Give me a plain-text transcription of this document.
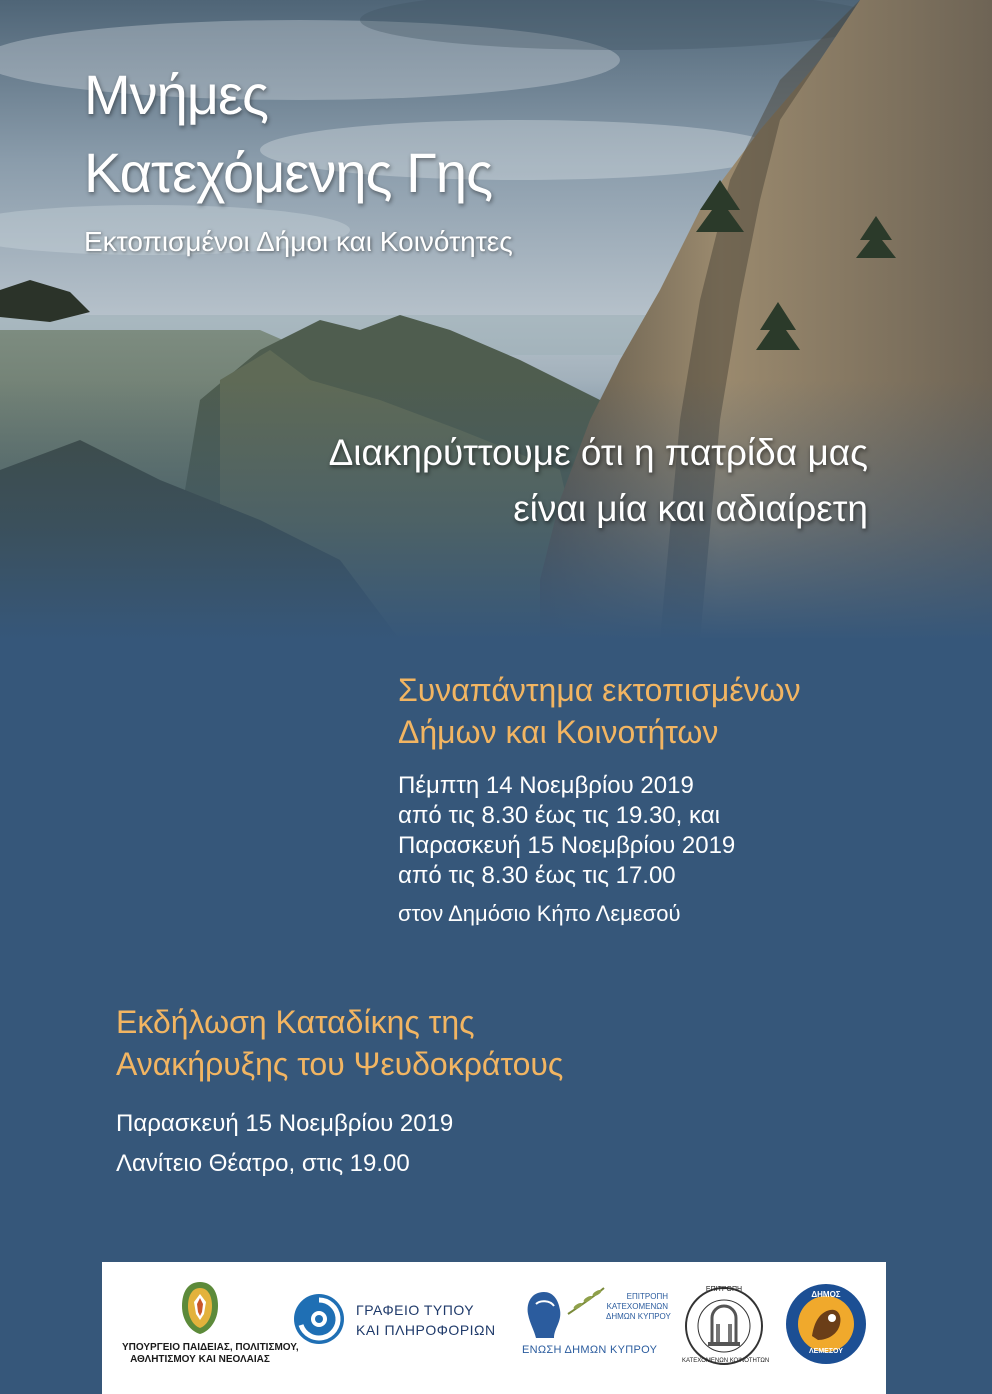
Μνήμες
Κατεχόμενης Γης
Εκτοπισμένοι Δήμοι και Κοινότητες
Διακηρύττουμε ότι η πατρίδα μας
είναι μία και αδιαίρετη
Συναπάντημα εκτοπισμένων
Δήμων και Κοινοτήτων
Πέμπτη 14 Νοεμβρίου 2019
από τις 8.30 έως τις 19.30, και
Παρασκευή 15 Νοεμβρίου 2019
από τις 8.30 έως τις 17.00
στον Δημόσιο Κήπο Λεμεσού
Εκδήλωση Καταδίκης της
Ανακήρυξης του Ψευδοκράτους
Παρασκευή 15 Νοεμβρίου 2019
Λανίτειο Θέατρο, στις 19.00
ΥΠΟΥΡΓΕΙΟ ΠΑΙΔΕΙΑΣ, ΠΟΛΙΤΙΣΜΟΥ,
ΑΘΛΗΤΙΣΜΟΥ ΚΑΙ ΝΕΟΛΑΙΑΣ
ΓΡΑΦΕΙΟ ΤΥΠΟΥ
ΚΑΙ ΠΛΗΡΟΦΟΡΙΩΝ
ΕΠΙΤΡΟΠΗ
ΚΑΤΕΧΟΜΕΝΩΝ
ΔΗΜΩΝ ΚΥΠΡΟΥ
ΕΝΩΣΗ ΔΗΜΩΝ ΚΥΠΡΟΥ
ΕΠΙΤΡΟΠΗ
ΚΑΤΕΧΟΜΕΝΩΝ ΚΟΙΝΟΤΗΤΩΝ
ΔΗΜΟΣ
ΛΕΜΕΣΟΥ
